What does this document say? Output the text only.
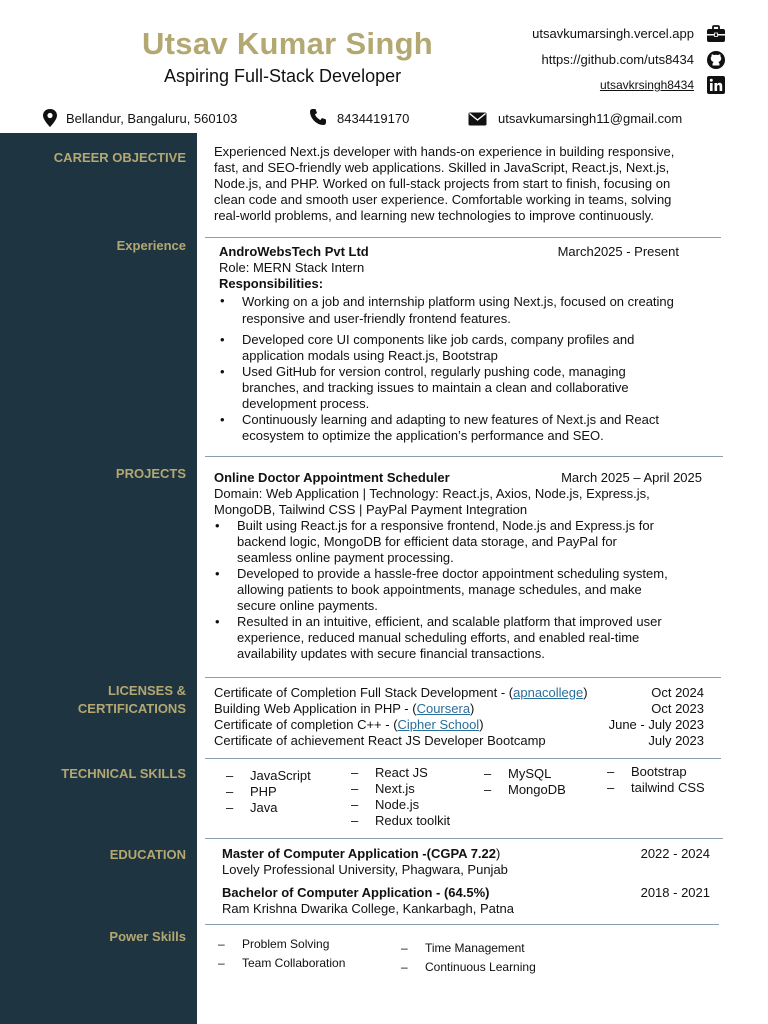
Utsav Kumar Singh
Aspiring Full-Stack Developer
utsavkumarsingh.vercel.app
https://github.com/uts8434
utsavkrsingh8434
Bellandur, Bangaluru, 560103	8434419170	utsavkumarsingh11@gmail.com
CAREER OBJECTIVE
Experience
PROJECTS
LICENSES &
CERTIFICATIONS
TECHNICAL SKILLS
EDUCATION
Power Skills
Experienced Next.js developer with hands-on experience in building responsive,
fast, and SEO-friendly web applications. Skilled in JavaScript, React.js, Next.js,
Node.js, and PHP. Worked on full-stack projects from start to finish, focusing on
clean code and smooth user experience. Comfortable working in teams, solving
real-world problems, and learning new technologies to improve continuously.
AndroWebsTech Pvt Ltd	March2025 - Present
Role: MERN Stack Intern
Responsibilities:
• Working on a job and internship platform using Next.js, focused on creating
responsive and user-friendly frontend features.
• Developed core UI components like job cards, company profiles and
application modals using React.js, Bootstrap
• Used GitHub for version control, regularly pushing code, managing
branches, and tracking issues to maintain a clean and collaborative
development process.
• Continuously learning and adapting to new features of Next.js and React
ecosystem to optimize the application’s performance and SEO.
Online Doctor Appointment Scheduler	March 2025 – April 2025
Domain: Web Application | Technology: React.js, Axios, Node.js, Express.js,
MongoDB, Tailwind CSS | PayPal Payment Integration
• Built using React.js for a responsive frontend, Node.js and Express.js for
backend logic, MongoDB for efficient data storage, and PayPal for
seamless online payment processing.
• Developed to provide a hassle-free doctor appointment scheduling system,
allowing patients to book appointments, manage schedules, and make
secure online payments.
• Resulted in an intuitive, efficient, and scalable platform that improved user
experience, reduced manual scheduling efforts, and enabled real-time
availability updates with secure financial transactions.
Certificate of Completion Full Stack Development - (apnacollege)	Oct 2024
Building Web Application in PHP - (Coursera)	Oct 2023
Certificate of completion C++ - (Cipher School)	June - July 2023
Certificate of achievement React JS Developer Bootcamp	July 2023
– JavaScript
– PHP
– Java
– React JS
– Next.js
– Node.js
– Redux toolkit
– MySQL
– MongoDB
– Bootstrap
– tailwind CSS
Master of Computer Application -(CGPA 7.22)	2022 - 2024
Lovely Professional University, Phagwara, Punjab
Bachelor of Computer Application - (64.5%)	2018 - 2021
Ram Krishna Dwarika College, Kankarbagh, Patna
– Problem Solving
– Team Collaboration
– Time Management
– Continuous Learning
